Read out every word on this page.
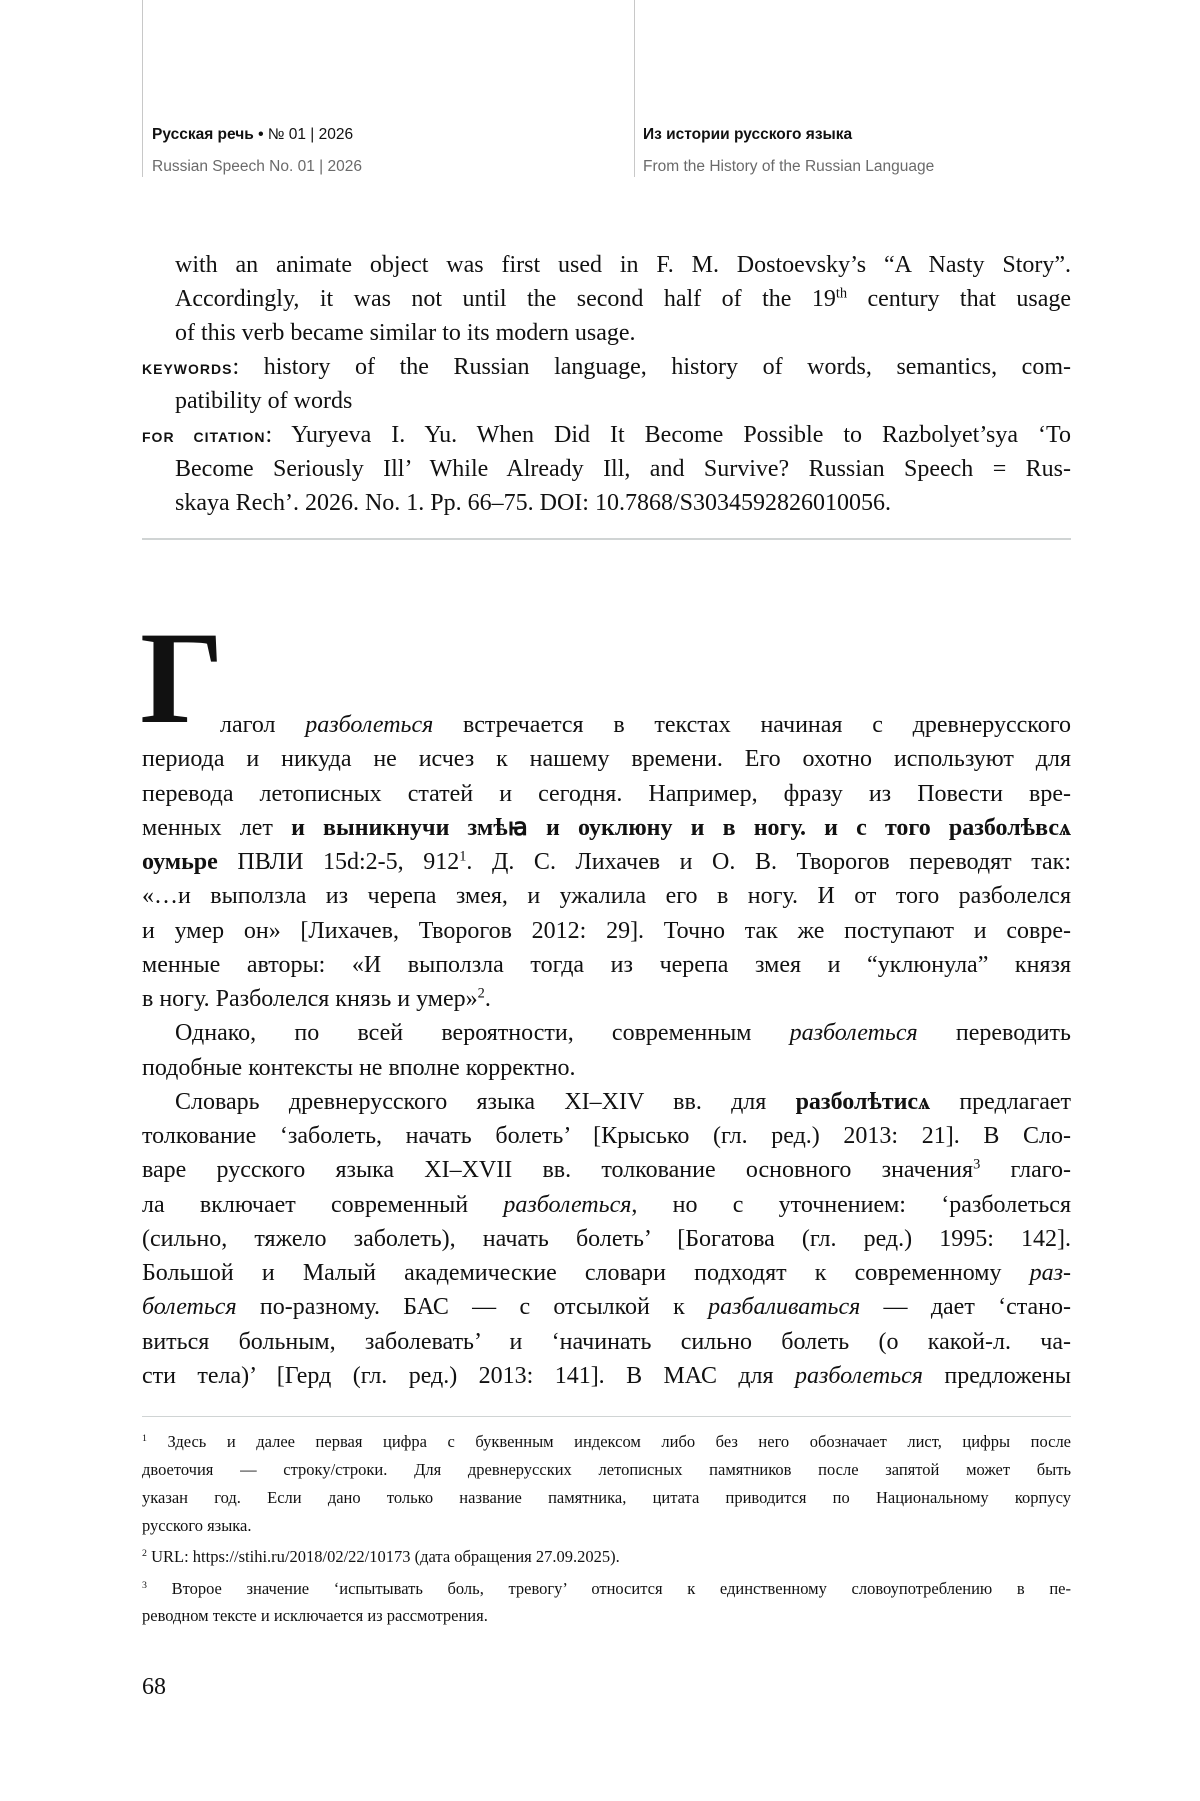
Русская речь • № 01 | 2026
Russian Speech No. 01 | 2026
Из истории русского языка
From the History of the Russian Language
with an animate object was first used in F. M. Dostoevsky’s “A Nasty Story”.
Accordingly, it was not until the second half of the 19th century that usage
of this verb became similar to its modern usage.
KEYWORDS: history of the Russian language, history of words, semantics, com-
patibility of words
FOR CITATION: Yuryeva I. Yu. When Did It Become Possible to Razbolyet’sya ‘To
Become Seriously Ill’ While Already Ill, and Survive? Russian Speech = Rus-
skaya Rech’. 2026. No. 1. Pp. 66–75. DOI: 10.7868/S3034592826010056.
Г
лагол разболеться встречается в текстах начиная с древнерусского
периода и никуда не исчез к нашему времени. Его охотно используют для
перевода летописных статей и сегодня. Например, фразу из Повести вре-
менных лет и выникнучи змѣꙗ и оуклюну и в ногу. и с того разболѣвсѧ
оумьре ПВЛИ 15d:2-5, $912^1$. Д. С. Лихачев и О. В. Творогов переводят так:
«…и выползла из черепа змея, и ужалила его в ногу. И от того разболелся
и умер он» [Лихачев, Творогов 2012: 29]. Точно так же поступают и совре-
менные авторы: «И выползла тогда из черепа змея и “уклюнула” князя
в ногу. Разболелся князь и умер»$^2$.
Однако, по всей вероятности, современным разболеться переводить
подобные контексты не вполне корректно.
Словарь древнерусского языка XI–XIV вв. для разболѣтисѧ предлагает
толкование ‘заболеть, начать болеть’ [Крысько (гл. ред.) 2013: 21]. В Сло-
варе русского языка XI–XVII вв. толкование основного значения$^3$ глаго-
ла включает современный разболеться, но с уточнением: ‘разболеться
(сильно, тяжело заболеть), начать болеть’ [Богатова (гл. ред.) 1995: 142].
Большой и Малый академические словари подходят к современному раз-
болеться по-разному. БАС — с отсылкой к разбаливаться — дает ‘стано-
виться больным, заболевать’ и ‘начинать сильно болеть (о какой-л. ча-
сти тела)’ [Герд (гл. ред.) 2013: 141]. В МАС для разболеться предложены
$^1$ Здесь и далее первая цифра с буквенным индексом либо без него обозначает лист, цифры после
двоеточия — строку/строки. Для древнерусских летописных памятников после запятой может быть
указан год. Если дано только название памятника, цитата приводится по Национальному корпусу
русского языка.
$^2$ URL: https://stihi.ru/2018/02/22/10173 (дата обращения 27.09.2025).
$^3$ Второе значение ‘испытывать боль, тревогу’ относится к единственному словоупотреблению в пе-
реводном тексте и исключается из рассмотрения.
68
